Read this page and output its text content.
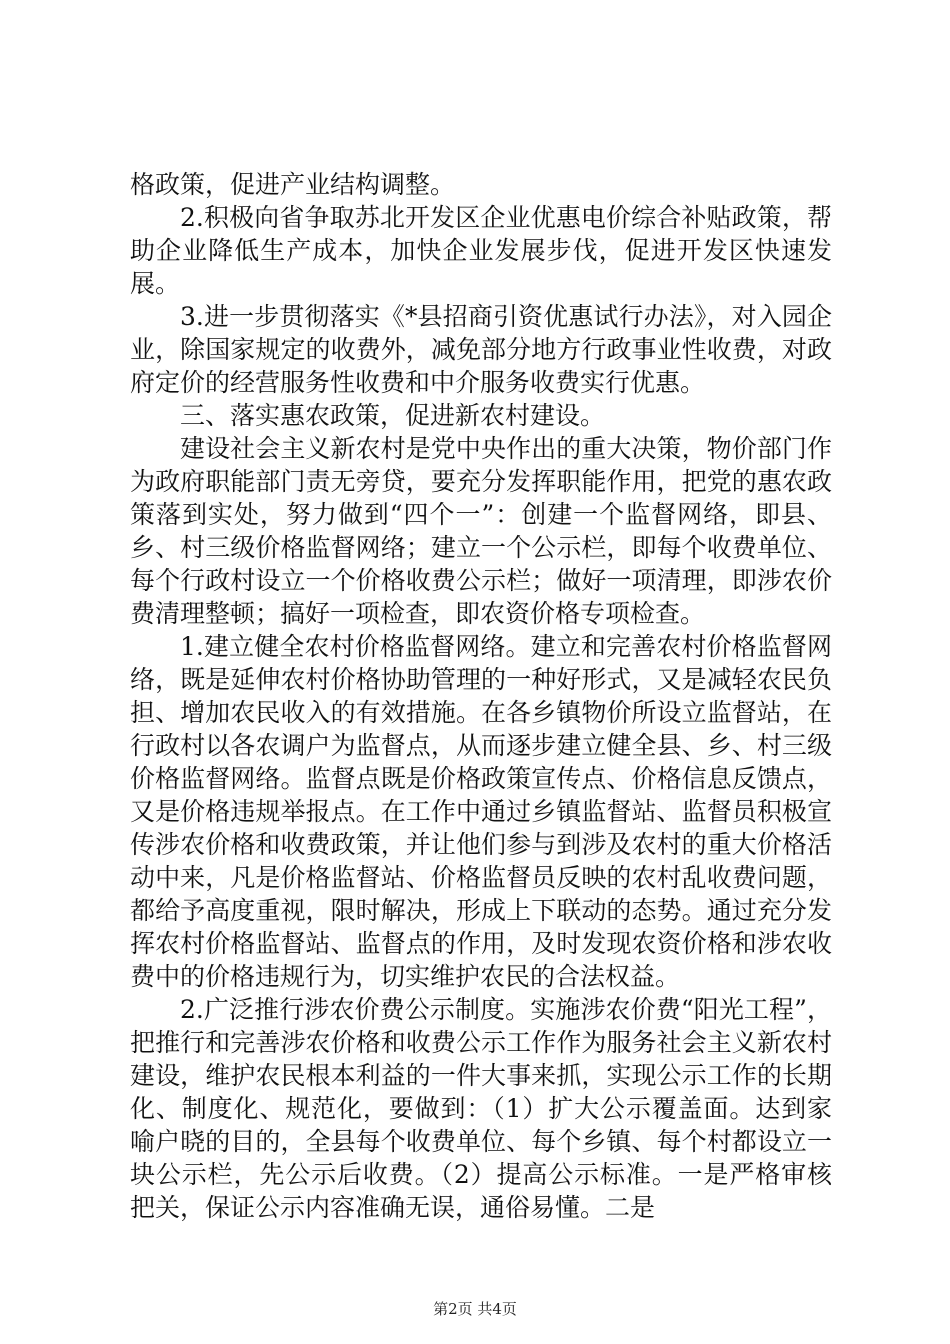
格政策，促进产业结构调整。

2.积极向省争取苏北开发区企业优惠电价综合补贴政策，帮助企业降低生产成本，加快企业发展步伐，促进开发区快速发展。

3.进一步贯彻落实《*县招商引资优惠试行办法》，对入园企业，除国家规定的收费外，减免部分地方行政事业性收费，对政府定价的经营服务性收费和中介服务收费实行优惠。

三、落实惠农政策，促进新农村建设。

建设社会主义新农村是党中央作出的重大决策，物价部门作为政府职能部门责无旁贷，要充分发挥职能作用，把党的惠农政策落到实处，努力做到“四个一”：创建一个监督网络，即县、乡、村三级价格监督网络；建立一个公示栏，即每个收费单位、每个行政村设立一个价格收费公示栏；做好一项清理，即涉农价费清理整顿；搞好一项检查，即农资价格专项检查。

1.建立健全农村价格监督网络。建立和完善农村价格监督网络，既是延伸农村价格协助管理的一种好形式，又是减轻农民负担、增加农民收入的有效措施。在各乡镇物价所设立监督站，在行政村以各农调户为监督点，从而逐步建立健全县、乡、村三级价格监督网络。监督点既是价格政策宣传点、价格信息反馈点，又是价格违规举报点。在工作中通过乡镇监督站、监督员积极宣传涉农价格和收费政策，并让他们参与到涉及农村的重大价格活动中来，凡是价格监督站、价格监督员反映的农村乱收费问题，都给予高度重视，限时解决，形成上下联动的态势。通过充分发挥农村价格监督站、监督点的作用，及时发现农资价格和涉农收费中的价格违规行为，切实维护农民的合法权益。

2.广泛推行涉农价费公示制度。实施涉农价费“阳光工程”，把推行和完善涉农价格和收费公示工作作为服务社会主义新农村建设，维护农民根本利益的一件大事来抓，实现公示工作的长期化、制度化、规范化，要做到：（1）扩大公示覆盖面。达到家喻户晓的目的，全县每个收费单位、每个乡镇、每个村都设立一块公示栏，先公示后收费。（2）提高公示标准。一是严格审核把关，保证公示内容准确无误，通俗易懂。二是

第2页 共4页
